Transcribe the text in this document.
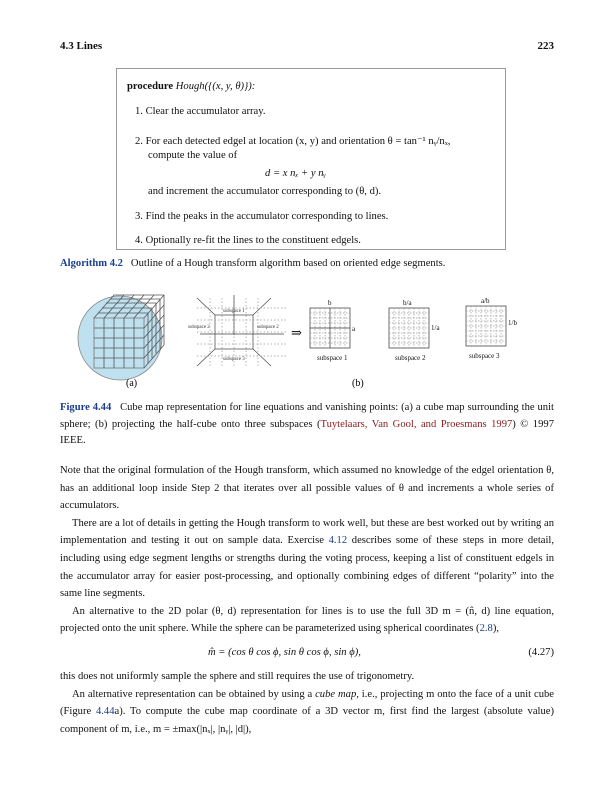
4.3 Lines	223
procedure Hough({(x, y, θ)}):
1. Clear the accumulator array.
2. For each detected edgel at location (x, y) and orientation θ = tan⁻¹ nᵧ/nₓ,
compute the value of
d = x nₓ + y nᵧ
and increment the accumulator corresponding to (θ, d).
3. Find the peaks in the accumulator corresponding to lines.
4. Optionally re-fit the lines to the constituent edgels.
Algorithm 4.2 Outline of a Hough transform algorithm based on oriented edge segments.
subspace 1
subspace 2	subspace 2
subspace 3
⇒
b
a
b/a
1/a
a/b
1/b
subspace 1	subspace 2	subspace 3
(a)	(b)
Figure 4.44 Cube map representation for line equations and vanishing points: (a) a cube map surrounding the unit sphere; (b) projecting the half-cube onto three subspaces (Tuytelaars, Van Gool, and Proesmans 1997) © 1997 IEEE.

Note that the original formulation of the Hough transform, which assumed no knowledge of the edgel orientation θ, has an additional loop inside Step 2 that iterates over all possible values of θ and increments a whole series of accumulators.

There are a lot of details in getting the Hough transform to work well, but these are best worked out by writing an implementation and testing it out on sample data. Exercise 4.12 describes some of these steps in more detail, including using edge segment lengths or strengths during the voting process, keeping a list of constituent edgels in the accumulator array for easier post-processing, and optionally combining edges of different “polarity” into the same line segments.

An alternative to the 2D polar (θ, d) representation for lines is to use the full 3D m = (n̂, d) line equation, projected onto the unit sphere. While the sphere can be parameterized using spherical coordinates (2.8),

m̂ = (cos θ cos ϕ, sin θ cos ϕ, sin ϕ),	(4.27)

this does not uniformly sample the sphere and still requires the use of trigonometry.

An alternative representation can be obtained by using a cube map, i.e., projecting m onto the face of a unit cube (Figure 4.44a). To compute the cube map coordinate of a 3D vector m, first find the largest (absolute value) component of m, i.e., m = ±max(|nₓ|, |nᵧ|, |d|),
